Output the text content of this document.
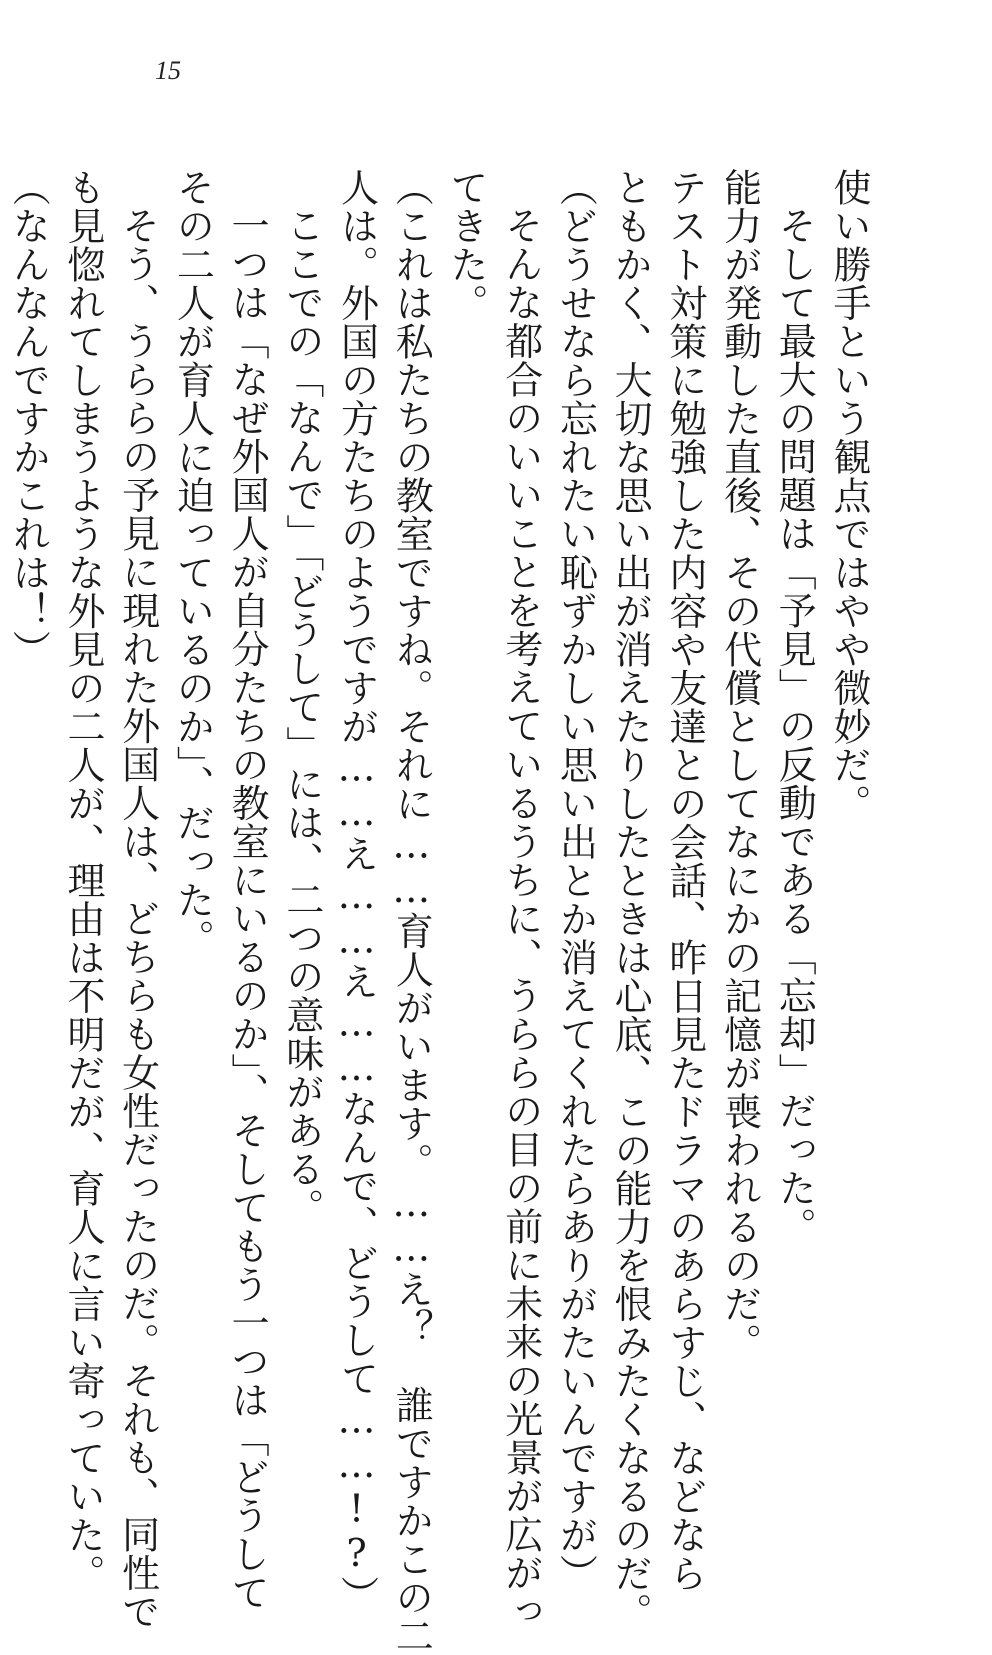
15
使い勝手という観点ではやや微妙だ。
そして最大の問題は「予見」の反動である「忘却」だった。
能力が発動した直後、その代償としてなにかの記憶が喪われるのだ。
テスト対策に勉強した内容や友達との会話、昨日見たドラマのあらすじ、などなら
ともかく、大切な思い出が消えたりしたときは心底、この能力を恨みたくなるのだ。
（どうせなら忘れたい恥ずかしい思い出とか消えてくれたらありがたいんですが）
そんな都合のいいことを考えているうちに、うららの目の前に未来の光景が広がっ
てきた。
（これは私たちの教室ですね。それに……育人がいます。……え？　誰ですかこの二
人は。外国の方たちのようですが……え……え……なんで、どうして……!?）
ここでの「なんで」「どうして」には、二つの意味がある。
一つは「なぜ外国人が自分たちの教室にいるのか」、そしてもう一つは「どうして
その二人が育人に迫っているのか」、だった。
そう、うららの予見に現れた外国人は、どちらも女性だったのだ。それも、同性で
も見惚れてしまうような外見の二人が、理由は不明だが、育人に言い寄っていた。
（なんなんですかこれは！）
